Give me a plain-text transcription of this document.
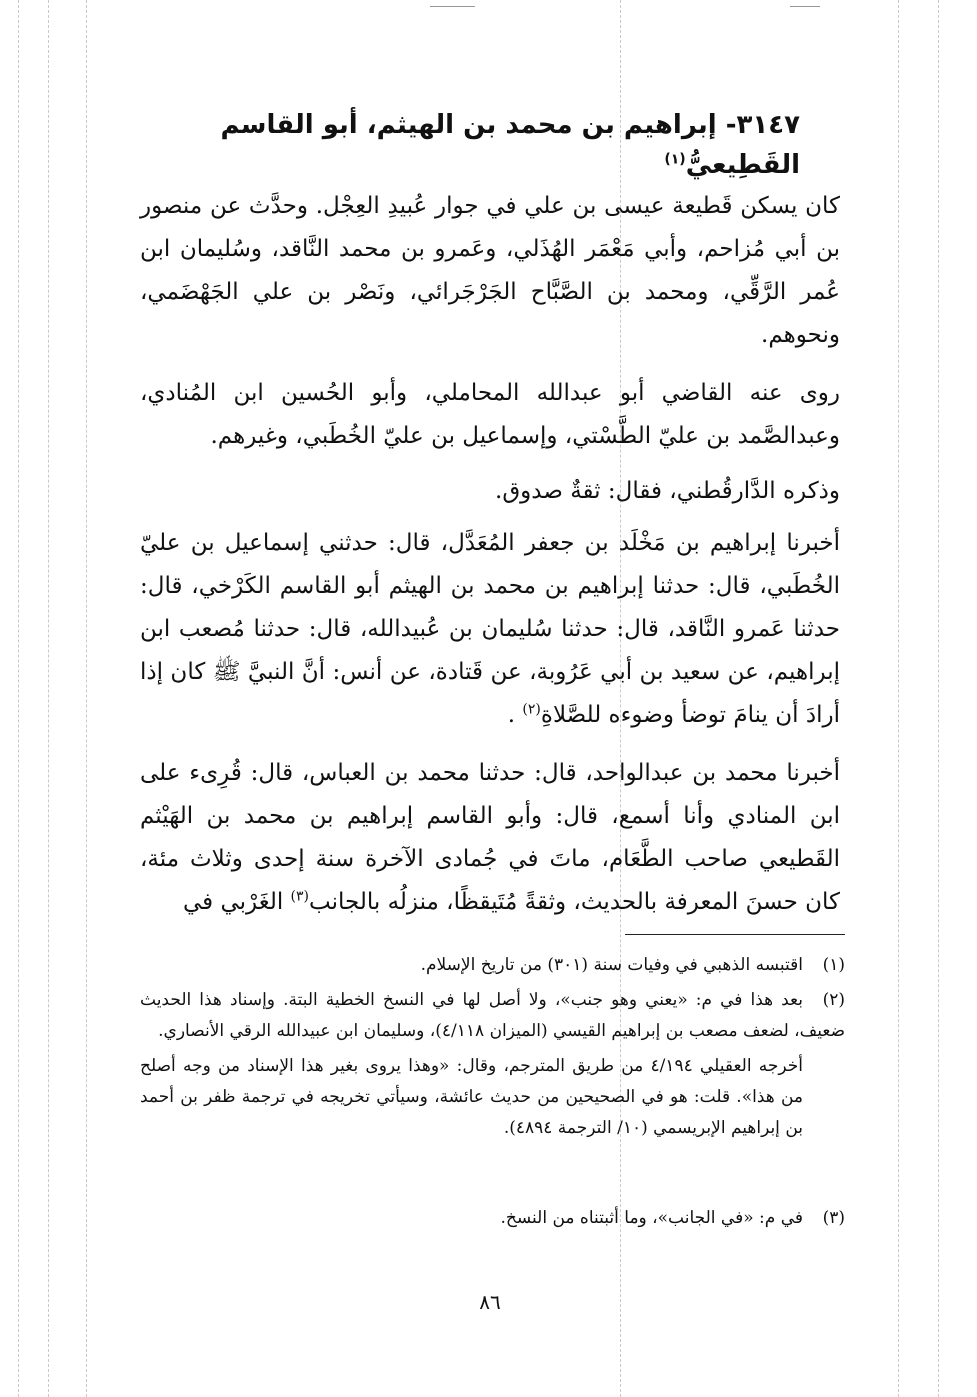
٣١٤٧- إبراهيم بن محمد بن الهيثم، أبو القاسم القَطِيعيُّ$^{(١)}$

كان يسكن قَطيعة عيسى بن علي في جوار عُبيدِ العِجْل. وحدَّث عن منصور بن أبي مُزاحم، وأبي مَعْمَر الهُذَلي، وعَمرو بن محمد النَّاقد، وسُليمان ابن عُمر الرَّقِّي، ومحمد بن الصَّبَّاح الجَرْجَرائي، ونَصْر بن علي الجَهْضَمي، ونحوهم.

روى عنه القاضي أبو عبدالله المحاملي، وأبو الحُسين ابن المُنادي، وعبدالصَّمد بن عليّ الطَّسْتي، وإسماعيل بن عليّ الخُطَبي، وغيرهم.

وذكره الدَّارقُطني، فقال: ثقةٌ صدوق.

أخبرنا إبراهيم بن مَخْلَد بن جعفر المُعَدَّل، قال: حدثني إسماعيل بن عليّ الخُطَبي، قال: حدثنا إبراهيم بن محمد بن الهيثم أبو القاسم الكَرْخي، قال: حدثنا عَمرو النَّاقد، قال: حدثنا سُليمان بن عُبيدالله، قال: حدثنا مُصعب ابن إبراهيم، عن سعيد بن أبي عَرُوبة، عن قَتادة، عن أنس: أنَّ النبيَّ ﷺ كان إذا أرادَ أن ينامَ توضأ وضوءه للصَّلاةِ$^{(٢)}$ .

أخبرنا محمد بن عبدالواحد، قال: حدثنا محمد بن العباس، قال: قُرِىء على ابن المنادي وأنا أسمع، قال: وأبو القاسم إبراهيم بن محمد بن الهَيْثم القَطيعي صاحب الطَّعَام، ماتَ في جُمادى الآخرة سنة إحدى وثلاث مئة، كان حسنَ المعرفة بالحديث، وثقةً مُتَيقظًا، منزلُه بالجانب$^{(٣)}$ الغَرْبي في

(١)اقتبسه الذهبي في وفيات سنة (٣٠١) من تاريخ الإسلام.

(٢)بعد هذا في م: «يعني وهو جنب»، ولا أصل لها في النسخ الخطية البتة. وإسناد هذا الحديث ضعيف، لضعف مصعب بن إبراهيم القيسي (الميزان ٤/١١٨)، وسليمان ابن عبيدالله الرقي الأنصاري.

أخرجه العقيلي ٤/١٩٤ من طريق المترجم، وقال: «وهذا يروى بغير هذا الإسناد من وجه أصلح من هذا». قلت: هو في الصحيحين من حديث عائشة، وسيأتي تخريجه في ترجمة ظفر بن أحمد بن إبراهيم الإبريسمي (١٠/ الترجمة ٤٨٩٤).

(٣)في م: «في الجانب»، وما أثبتناه من النسخ.

٨٦
